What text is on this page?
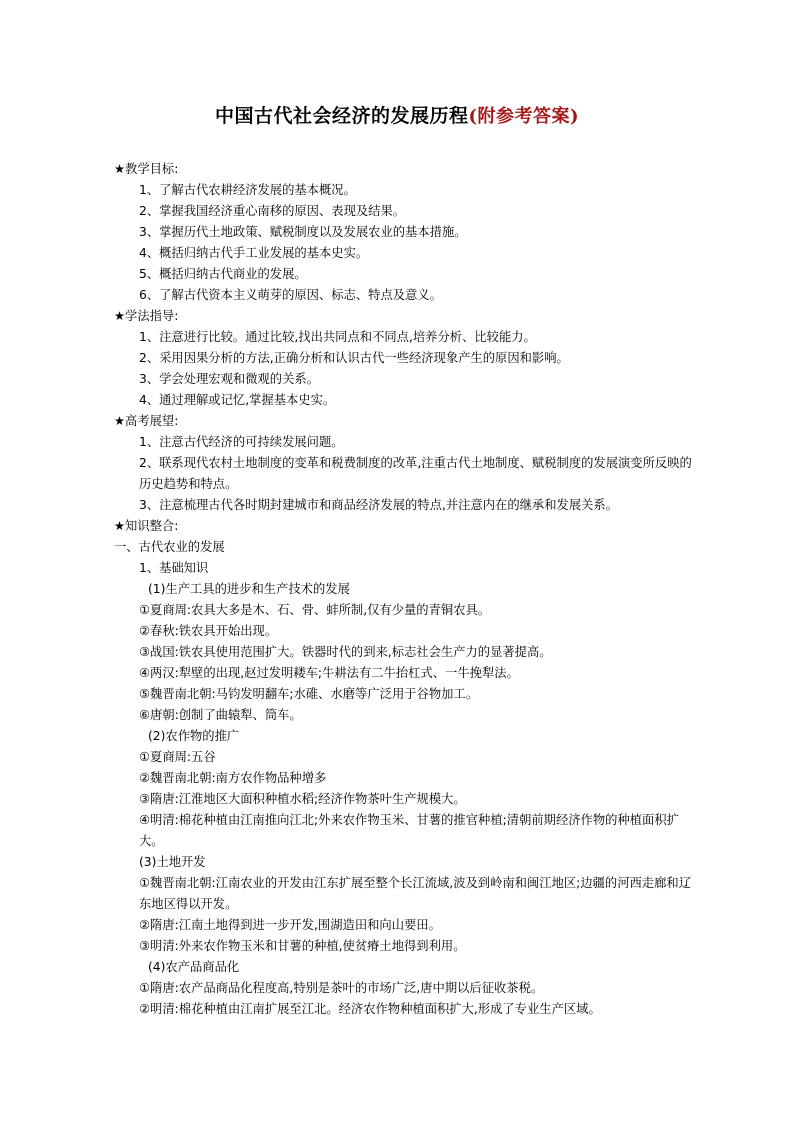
中国古代社会经济的发展历程(附参考答案)
★教学目标:
1、了解古代农耕经济发展的基本概况。
2、掌握我国经济重心南移的原因、表现及结果。
3、掌握历代土地政策、赋税制度以及发展农业的基本措施。
4、概括归纳古代手工业发展的基本史实。
5、概括归纳古代商业的发展。
6、了解古代资本主义萌芽的原因、标志、特点及意义。
★学法指导:
1、注意进行比较。通过比较,找出共同点和不同点,培养分析、比较能力。
2、采用因果分析的方法,正确分析和认识古代一些经济现象产生的原因和影响。
3、学会处理宏观和微观的关系。
4、通过理解或记忆,掌握基本史实。
★高考展望:
1、注意古代经济的可持续发展问题。
2、联系现代农村土地制度的变革和税费制度的改革,注重古代土地制度、赋税制度的发展演变所反映的历史趋势和特点。
3、注意梳理古代各时期封建城市和商品经济发展的特点,并注意内在的继承和发展关系。
★知识整合:
一、古代农业的发展
1、基础知识
(1)生产工具的进步和生产技术的发展
①夏商周:农具大多是木、石、骨、蚌所制,仅有少量的青铜农具。
②春秋:铁农具开始出现。
③战国:铁农具使用范围扩大。铁器时代的到来,标志社会生产力的显著提高。
④两汉:犁壁的出现,赵过发明耧车;牛耕法有二牛抬杠式、一牛挽犁法。
⑤魏晋南北朝:马钧发明翻车;水碓、水磨等广泛用于谷物加工。
⑥唐朝:创制了曲辕犁、筒车。
(2)农作物的推广
①夏商周:五谷
②魏晋南北朝:南方农作物品种增多
③隋唐:江淮地区大面积种植水稻;经济作物茶叶生产规模大。
④明清:棉花种植由江南推向江北;外来农作物玉米、甘薯的推官种植;清朝前期经济作物的种植面积扩大。
(3)土地开发
①魏晋南北朝:江南农业的开发由江东扩展至整个长江流域,波及到岭南和闽江地区;边疆的河西走廊和辽东地区得以开发。
②隋唐:江南土地得到进一步开发,围湖造田和向山要田。
③明清:外来农作物玉米和甘薯的种植,使贫瘠土地得到利用。
(4)农产品商品化
①隋唐:农产品商品化程度高,特别是茶叶的市场广泛,唐中期以后征收茶税。
②明清:棉花种植由江南扩展至江北。经济农作物种植面积扩大,形成了专业生产区域。
